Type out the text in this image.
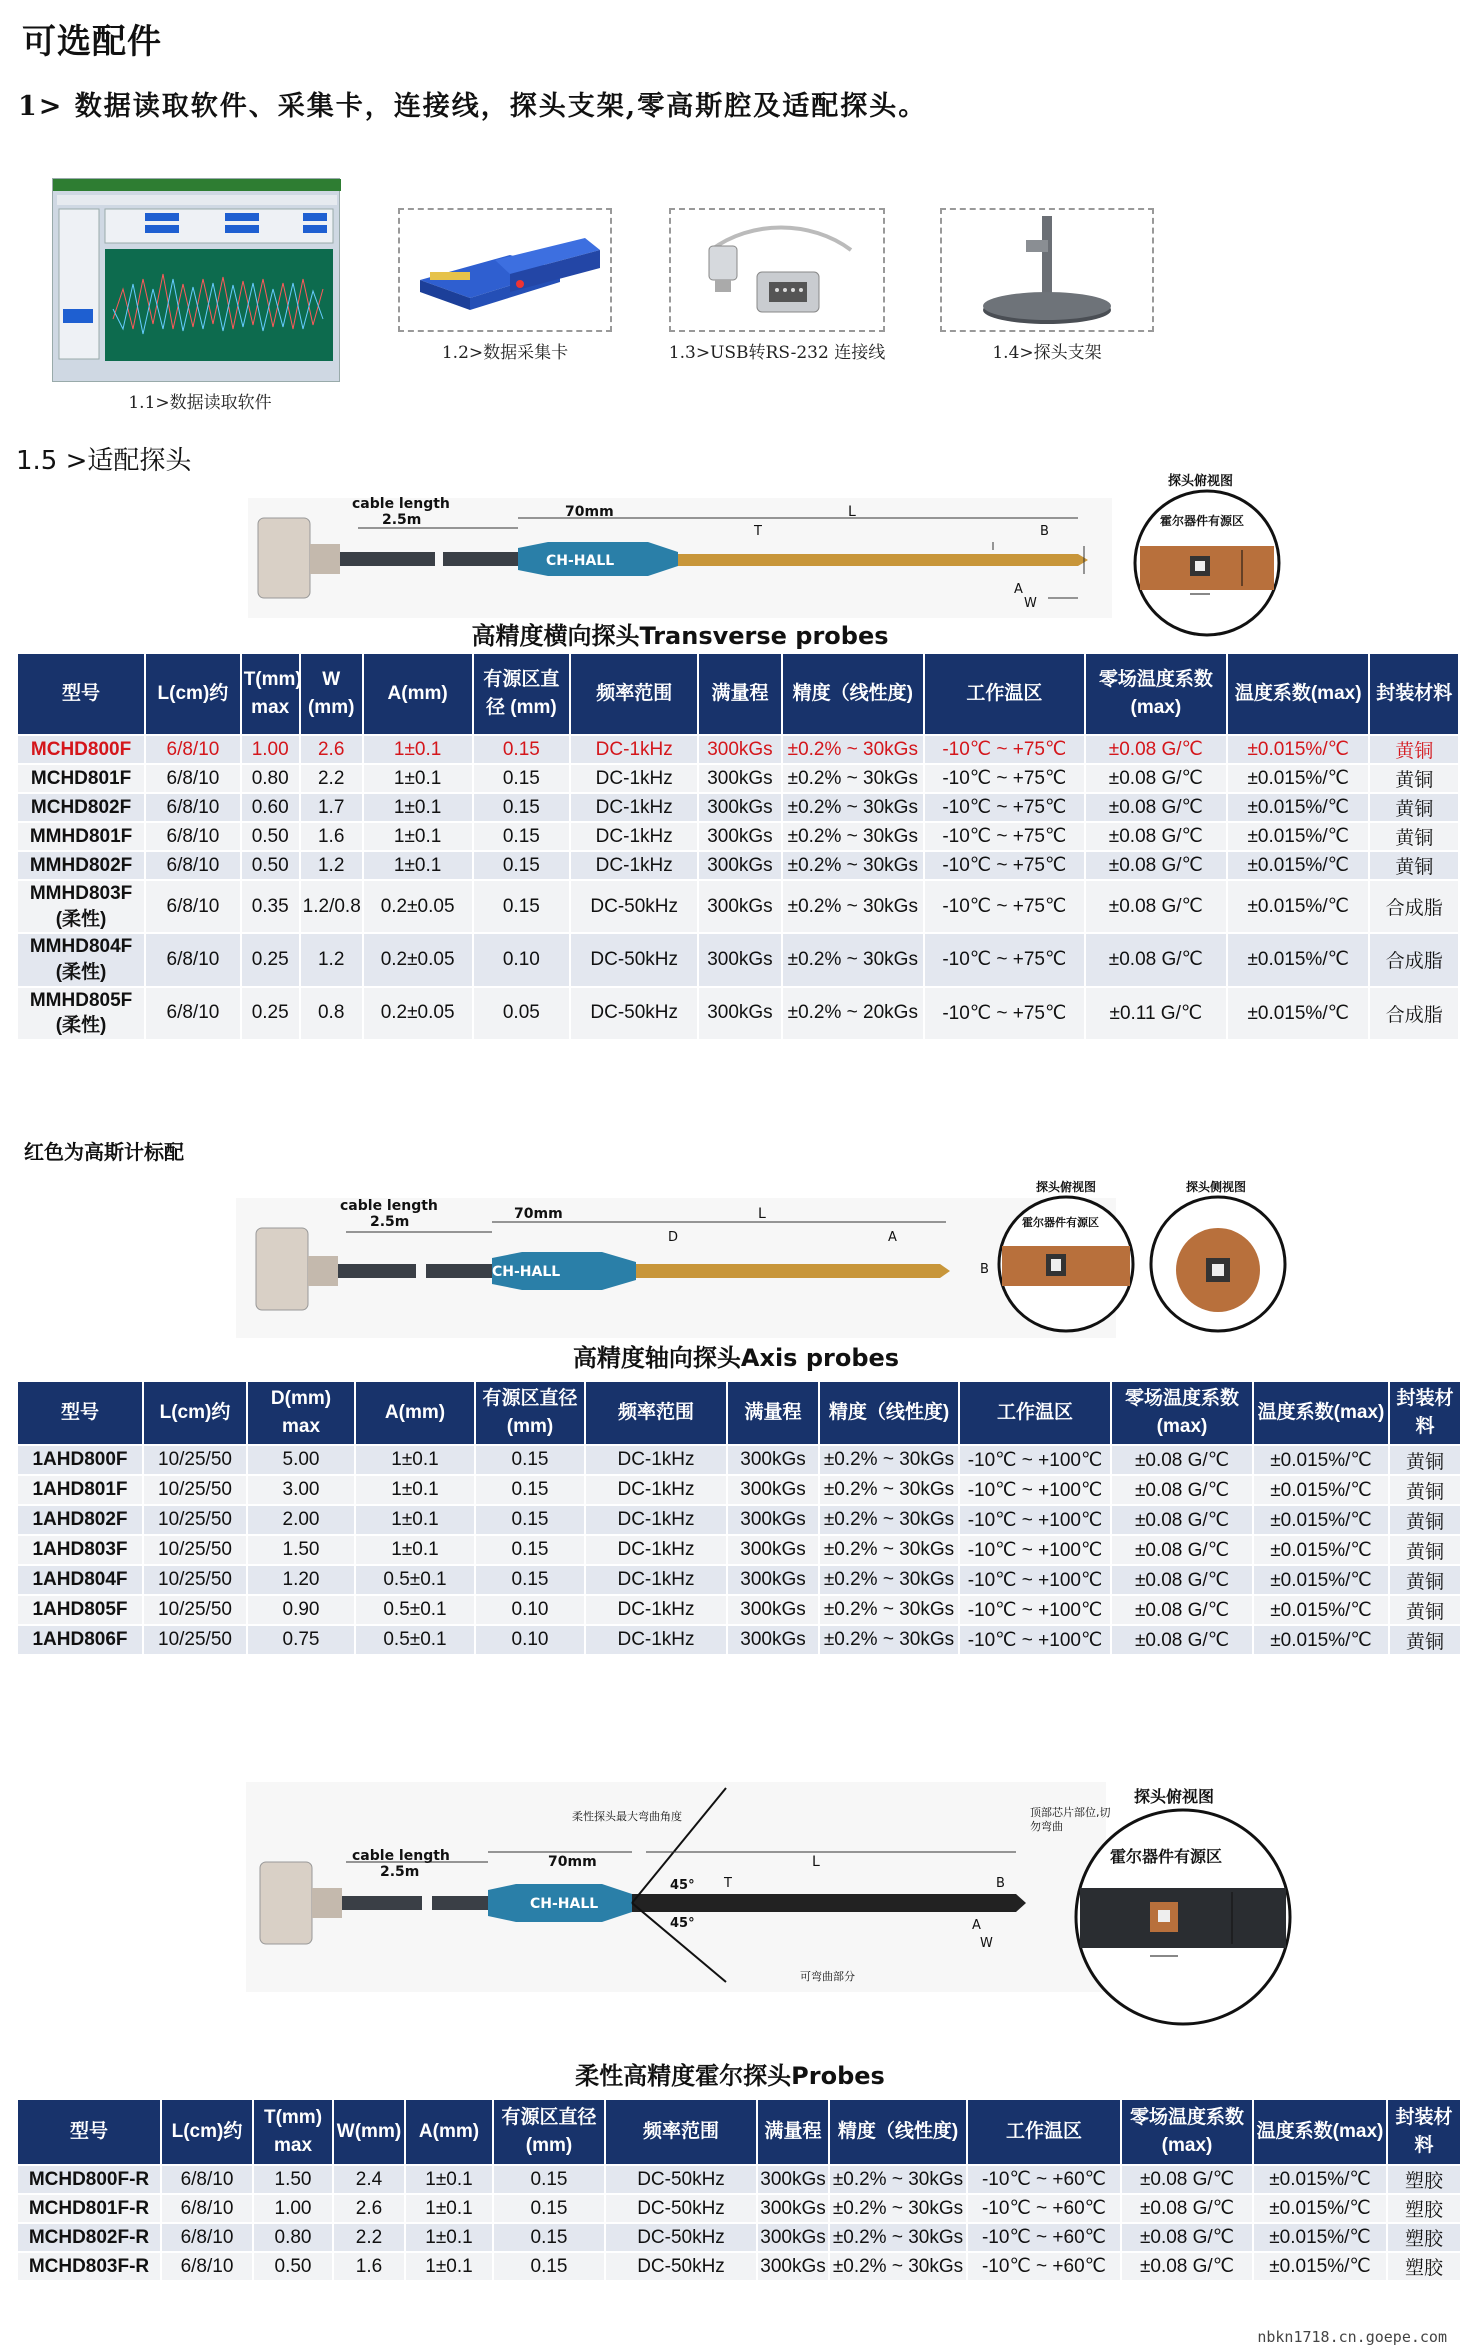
可选配件
1> 数据读取软件、采集卡，连接线，探头支架,零高斯腔及适配探头。
1.1>数据读取软件
1.2>数据采集卡	1.3>USB转RS-232 连接线	1.4>探头支架
1.5 >适配探头
cable length
2.5m	70mm	L
T	B
A
W
CH-HALL
探头俯视图
霍尔器件有源区
高精度横向探头Transverse probes
型号	L(cm)约	T(mm) max	W (mm)	A(mm)	有源区直径 (mm)	频率范围	满量程	精度（线性度)	工作温区	零场温度系数 (max)	温度系数(max)	封装材料
MCHD800F	6/8/10	1.00	2.6	1±0.1	0.15	DC-1kHz	300kGs	±0.2% ~ 30kGs	-10℃ ~ +75℃	±0.08 G/℃	±0.015%/℃	黄铜
MCHD801F	6/8/10	0.80	2.2	1±0.1	0.15	DC-1kHz	300kGs	±0.2% ~ 30kGs	-10℃ ~ +75℃	±0.08 G/℃	±0.015%/℃	黄铜
MCHD802F	6/8/10	0.60	1.7	1±0.1	0.15	DC-1kHz	300kGs	±0.2% ~ 30kGs	-10℃ ~ +75℃	±0.08 G/℃	±0.015%/℃	黄铜
MMHD801F	6/8/10	0.50	1.6	1±0.1	0.15	DC-1kHz	300kGs	±0.2% ~ 30kGs	-10℃ ~ +75℃	±0.08 G/℃	±0.015%/℃	黄铜
MMHD802F	6/8/10	0.50	1.2	1±0.1	0.15	DC-1kHz	300kGs	±0.2% ~ 30kGs	-10℃ ~ +75℃	±0.08 G/℃	±0.015%/℃	黄铜
MMHD803F (柔性)	6/8/10	0.35	1.2/0.8	0.2±0.05	0.15	DC-50kHz	300kGs	±0.2% ~ 30kGs	-10℃ ~ +75℃	±0.08 G/℃	±0.015%/℃	合成脂
MMHD804F (柔性)	6/8/10	0.25	1.2	0.2±0.05	0.10	DC-50kHz	300kGs	±0.2% ~ 30kGs	-10℃ ~ +75℃	±0.08 G/℃	±0.015%/℃	合成脂
MMHD805F (柔性)	6/8/10	0.25	0.8	0.2±0.05	0.05	DC-50kHz	300kGs	±0.2% ~ 20kGs	-10℃ ~ +75℃	±0.11 G/℃	±0.015%/℃	合成脂
红色为高斯计标配
cable length
2.5m	70mm	L
D	A
B
CH-HALL
探头俯视图
霍尔器件有源区
探头侧视图
高精度轴向探头Axis probes
型号	L(cm)约	D(mm) max	A(mm)	有源区直径 (mm)	频率范围	满量程	精度（线性度)	工作温区	零场温度系数 (max)	温度系数(max)	封装材料
1AHD800F	10/25/50	5.00	1±0.1	0.15	DC-1kHz	300kGs	±0.2% ~ 30kGs	-10℃ ~ +100℃	±0.08 G/℃	±0.015%/℃	黄铜
1AHD801F	10/25/50	3.00	1±0.1	0.15	DC-1kHz	300kGs	±0.2% ~ 30kGs	-10℃ ~ +100℃	±0.08 G/℃	±0.015%/℃	黄铜
1AHD802F	10/25/50	2.00	1±0.1	0.15	DC-1kHz	300kGs	±0.2% ~ 30kGs	-10℃ ~ +100℃	±0.08 G/℃	±0.015%/℃	黄铜
1AHD803F	10/25/50	1.50	1±0.1	0.15	DC-1kHz	300kGs	±0.2% ~ 30kGs	-10℃ ~ +100℃	±0.08 G/℃	±0.015%/℃	黄铜
1AHD804F	10/25/50	1.20	0.5±0.1	0.15	DC-1kHz	300kGs	±0.2% ~ 30kGs	-10℃ ~ +100℃	±0.08 G/℃	±0.015%/℃	黄铜
1AHD805F	10/25/50	0.90	0.5±0.1	0.10	DC-1kHz	300kGs	±0.2% ~ 30kGs	-10℃ ~ +100℃	±0.08 G/℃	±0.015%/℃	黄铜
1AHD806F	10/25/50	0.75	0.5±0.1	0.10	DC-1kHz	300kGs	±0.2% ~ 30kGs	-10℃ ~ +100℃	±0.08 G/℃	±0.015%/℃	黄铜
柔性探头最大弯曲角度	顶部芯片部位,切勿弯曲
cable length
2.5m
70mm	L
T	B
A
W
45°
45°
可弯曲部分
CH-HALL
探头俯视图
霍尔器件有源区
柔性高精度霍尔探头Probes
型号	L(cm)约	T(mm) max	W(mm)	A(mm)	有源区直径 (mm)	频率范围	满量程	精度（线性度)	工作温区	零场温度系数 (max)	温度系数(max)	封装材料
MCHD800F-R	6/8/10	1.50	2.4	1±0.1	0.15	DC-50kHz	300kGs	±0.2% ~ 30kGs	-10℃ ~ +60℃	±0.08 G/℃	±0.015%/℃	塑胶
MCHD801F-R	6/8/10	1.00	2.6	1±0.1	0.15	DC-50kHz	300kGs	±0.2% ~ 30kGs	-10℃ ~ +60℃	±0.08 G/℃	±0.015%/℃	塑胶
MCHD802F-R	6/8/10	0.80	2.2	1±0.1	0.15	DC-50kHz	300kGs	±0.2% ~ 30kGs	-10℃ ~ +60℃	±0.08 G/℃	±0.015%/℃	塑胶
MCHD803F-R	6/8/10	0.50	1.6	1±0.1	0.15	DC-50kHz	300kGs	±0.2% ~ 30kGs	-10℃ ~ +60℃	±0.08 G/℃	±0.015%/℃	塑胶
nbkn1718.cn.goepe.com
